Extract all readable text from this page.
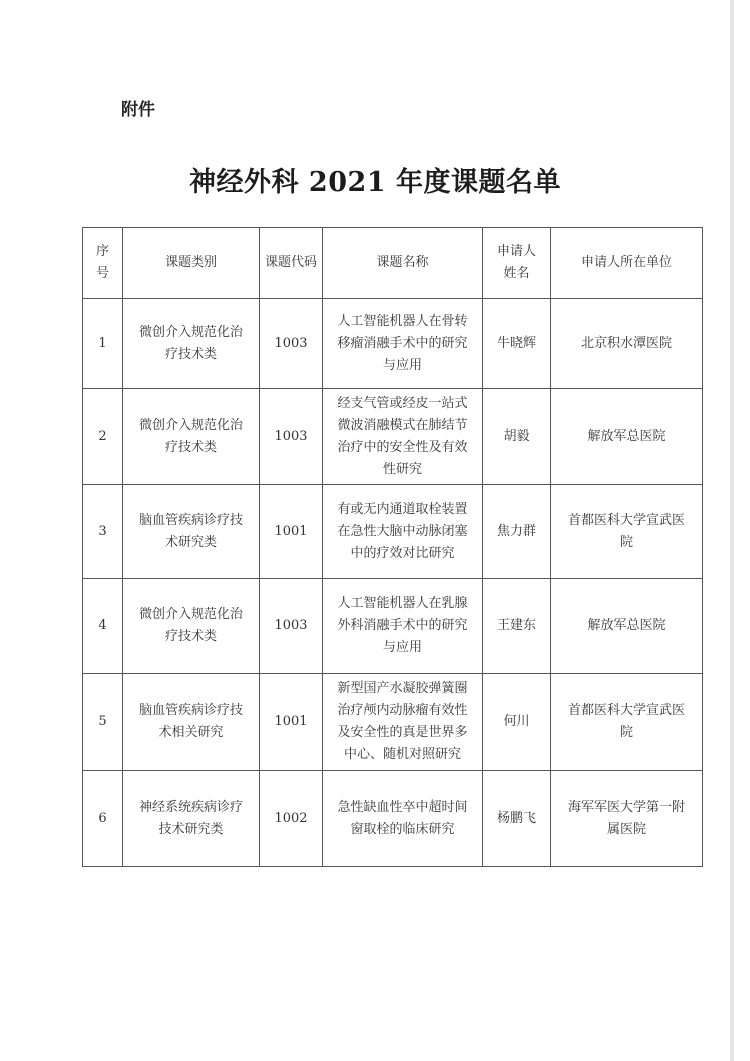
附件
神经外科 2021 年度课题名单
序
号	课题类别	课题代码	课题名称	申请人
姓名	申请人所在单位
1	微创介入规范化治
疗技术类	1003	人工智能机器人在骨转
移瘤消融手术中的研究
与应用	牛晓辉	北京积水潭医院
2	微创介入规范化治
疗技术类	1003	经支气管或经皮一站式
微波消融模式在肺结节
治疗中的安全性及有效
性研究	胡毅	解放军总医院
3	脑血管疾病诊疗技
术研究类	1001	有或无内通道取栓装置
在急性大脑中动脉闭塞
中的疗效对比研究	焦力群	首都医科大学宣武医
院
4	微创介入规范化治
疗技术类	1003	人工智能机器人在乳腺
外科消融手术中的研究
与应用	王建东	解放军总医院
5	脑血管疾病诊疗技
术相关研究	1001	新型国产水凝胶弹簧圈
治疗颅内动脉瘤有效性
及安全性的真是世界多
中心、随机对照研究	何川	首都医科大学宣武医
院
6	神经系统疾病诊疗
技术研究类	1002	急性缺血性卒中超时间
窗取栓的临床研究	杨鹏飞	海军军医大学第一附
属医院
